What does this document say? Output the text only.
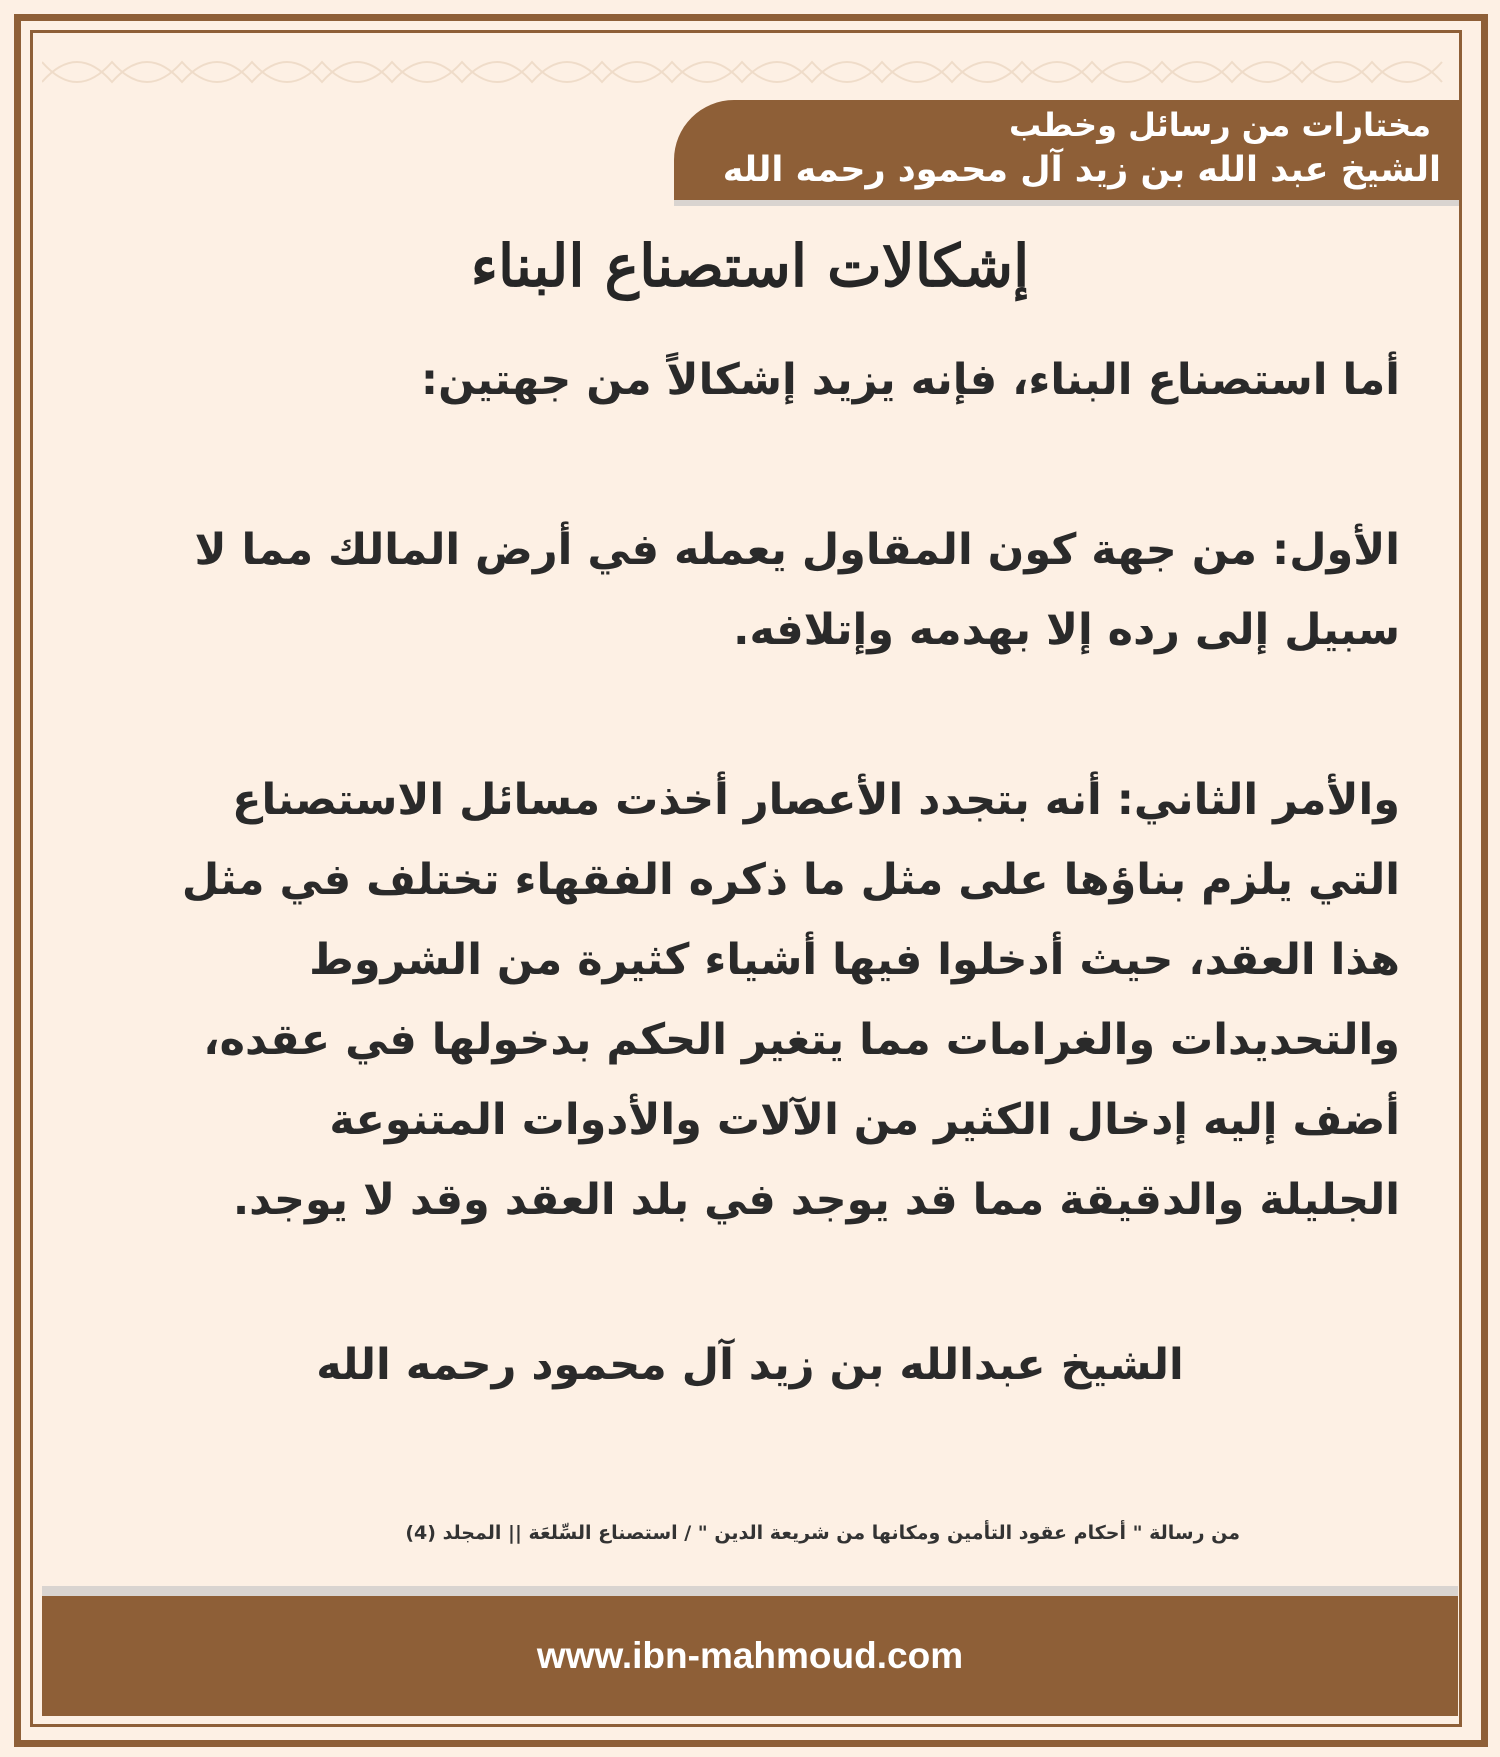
مختارات من رسائل وخطب
الشيخ عبد الله بن زيد آل محمود رحمه الله
إشكالات استصناع البناء
أما استصناع البناء، فإنه يزيد إشكالاً من جهتين:
الأول: من جهة كون المقاول يعمله في أرض المالك مما لا
سبيل إلى رده إلا بهدمه وإتلافه.
والأمر الثاني: أنه بتجدد الأعصار أخذت مسائل الاستصناع
التي يلزم بناؤها على مثل ما ذكره الفقهاء تختلف في مثل
هذا العقد، حيث أدخلوا فيها أشياء كثيرة من الشروط
والتحديدات والغرامات مما يتغير الحكم بدخولها في عقده،
أضف إليه إدخال الكثير من الآلات والأدوات المتنوعة
الجليلة والدقيقة مما قد يوجد في بلد العقد وقد لا يوجد.
الشيخ عبدالله بن زيد آل محمود رحمه الله
من رسالة " أحكام عقود التأمين ومكانها من شريعة الدين " / استصناع السِّلعَة || المجلد (4)
www.ibn-mahmoud.com
